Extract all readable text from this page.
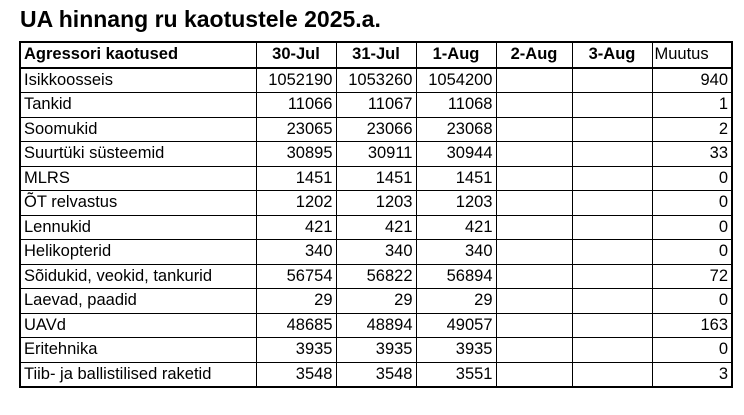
UA hinnang ru kaotustele 2025.a.
Agressori kaotused	30-Jul	31-Jul	1-Aug	2-Aug	3-Aug	Muutus
Isikkoosseis	1052190	1053260	1054200			940
Tankid	11066	11067	11068			1
Soomukid	23065	23066	23068			2
Suurtüki süsteemid	30895	30911	30944			33
MLRS	1451	1451	1451			0
ÕT relvastus	1202	1203	1203			0
Lennukid	421	421	421			0
Helikopterid	340	340	340			0
Sõidukid, veokid, tankurid	56754	56822	56894			72
Laevad, paadid	29	29	29			0
UAVd	48685	48894	49057			163
Eritehnika	3935	3935	3935			0
Tiib- ja ballistilised raketid	3548	3548	3551			3
